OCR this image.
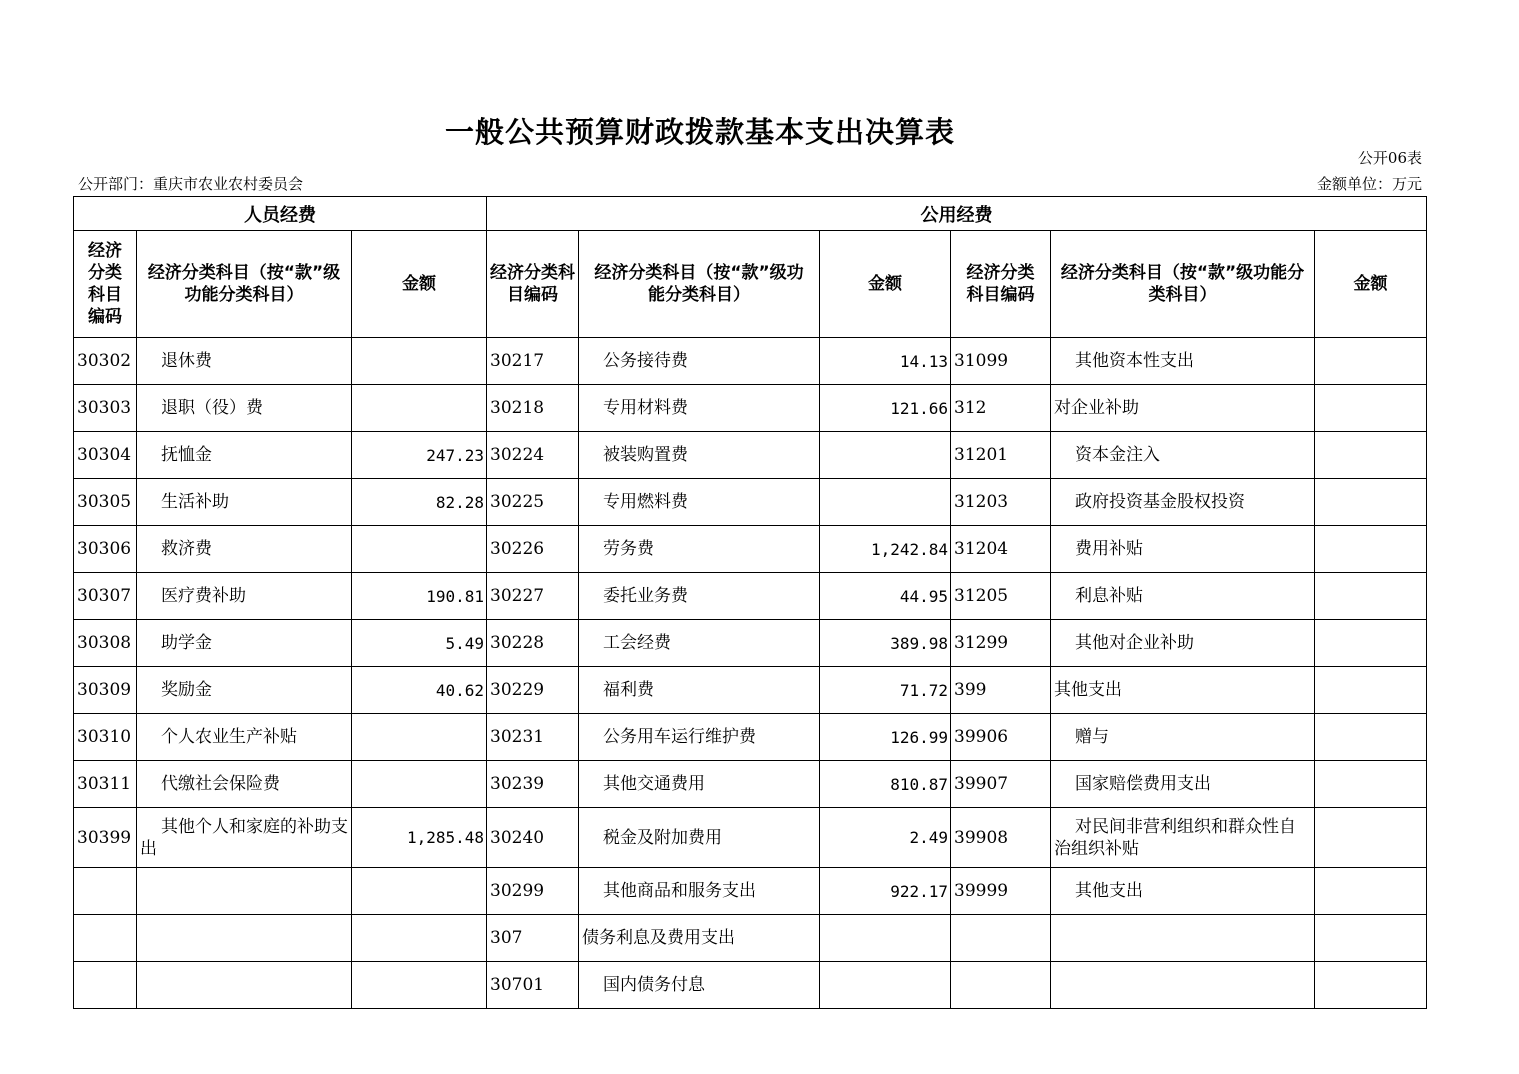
一般公共预算财政拨款基本支出决算表
公开06表
公开部门：重庆市农业农村委员会	金额单位：万元
人员经费			公用经费					
经济分类科目编码	经济分类科目（按“款”级功能分类科目）	金额	经济分类科目编码	经济分类科目（按“款”级功能分类科目）	金额	经济分类科目编码	经济分类科目（按“款”级功能分类科目）	金额
30302	退休费		30217	公务接待费	14.13	31099	其他资本性支出	
30303	退职（役）费		30218	专用材料费	121.66	312	对企业补助	
30304	抚恤金	247.23	30224	被装购置费		31201	资本金注入	
30305	生活补助	82.28	30225	专用燃料费		31203	政府投资基金股权投资	
30306	救济费		30226	劳务费	1,242.84	31204	费用补贴	
30307	医疗费补助	190.81	30227	委托业务费	44.95	31205	利息补贴	
30308	助学金	5.49	30228	工会经费	389.98	31299	其他对企业补助	
30309	奖励金	40.62	30229	福利费	71.72	399	其他支出	
30310	个人农业生产补贴		30231	公务用车运行维护费	126.99	39906	赠与	
30311	代缴社会保险费		30239	其他交通费用	810.87	39907	国家赔偿费用支出	
30399	其他个人和家庭的补助支出	1,285.48	30240	税金及附加费用	2.49	39908	对民间非营利组织和群众性自治组织补贴	
			30299	其他商品和服务支出	922.17	39999	其他支出	
			307	债务利息及费用支出				
			30701	国内债务付息				
